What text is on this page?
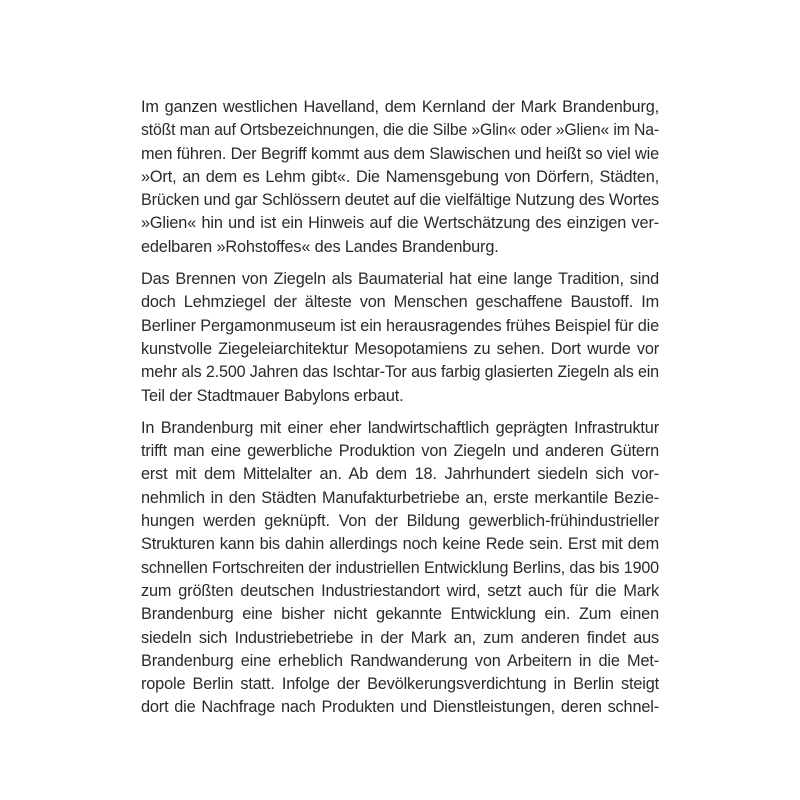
Im ganzen westlichen Havelland, dem Kernland der Mark Brandenburg,
stößt man auf Ortsbezeichnungen, die die Silbe »Glin« oder »Glien« im Na-
men führen. Der Begriff kommt aus dem Slawischen und heißt so viel wie
»Ort, an dem es Lehm gibt«. Die Namensgebung von Dörfern, Städten,
Brücken und gar Schlössern deutet auf die vielfältige Nutzung des Wortes
»Glien« hin und ist ein Hinweis auf die Wertschätzung des einzigen ver-
edelbaren »Rohstoffes« des Landes Brandenburg.

Das Brennen von Ziegeln als Baumaterial hat eine lange Tradition, sind
doch Lehmziegel der älteste von Menschen geschaffene Baustoff. Im
Berliner Pergamonmuseum ist ein herausragendes frühes Beispiel für die
kunstvolle Ziegeleiarchitektur Mesopotamiens zu sehen. Dort wurde vor
mehr als 2.500 Jahren das Ischtar-Tor aus farbig glasierten Ziegeln als ein
Teil der Stadtmauer Babylons erbaut.

In Brandenburg mit einer eher landwirtschaftlich geprägten Infrastruktur
trifft man eine gewerbliche Produktion von Ziegeln und anderen Gütern
erst mit dem Mittelalter an. Ab dem 18. Jahrhundert siedeln sich vor-
nehmlich in den Städten Manufakturbetriebe an, erste merkantile Bezie-
hungen werden geknüpft. Von der Bildung gewerblich-frühindustrieller
Strukturen kann bis dahin allerdings noch keine Rede sein. Erst mit dem
schnellen Fortschreiten der industriellen Entwicklung Berlins, das bis 1900
zum größten deutschen Industriestandort wird, setzt auch für die Mark
Brandenburg eine bisher nicht gekannte Entwicklung ein. Zum einen
siedeln sich Industriebetriebe in der Mark an, zum anderen findet aus
Brandenburg eine erheblich Randwanderung von Arbeitern in die Met-
ropole Berlin statt. Infolge der Bevölkerungsverdichtung in Berlin steigt
dort die Nachfrage nach Produkten und Dienstleistungen, deren schnel-
